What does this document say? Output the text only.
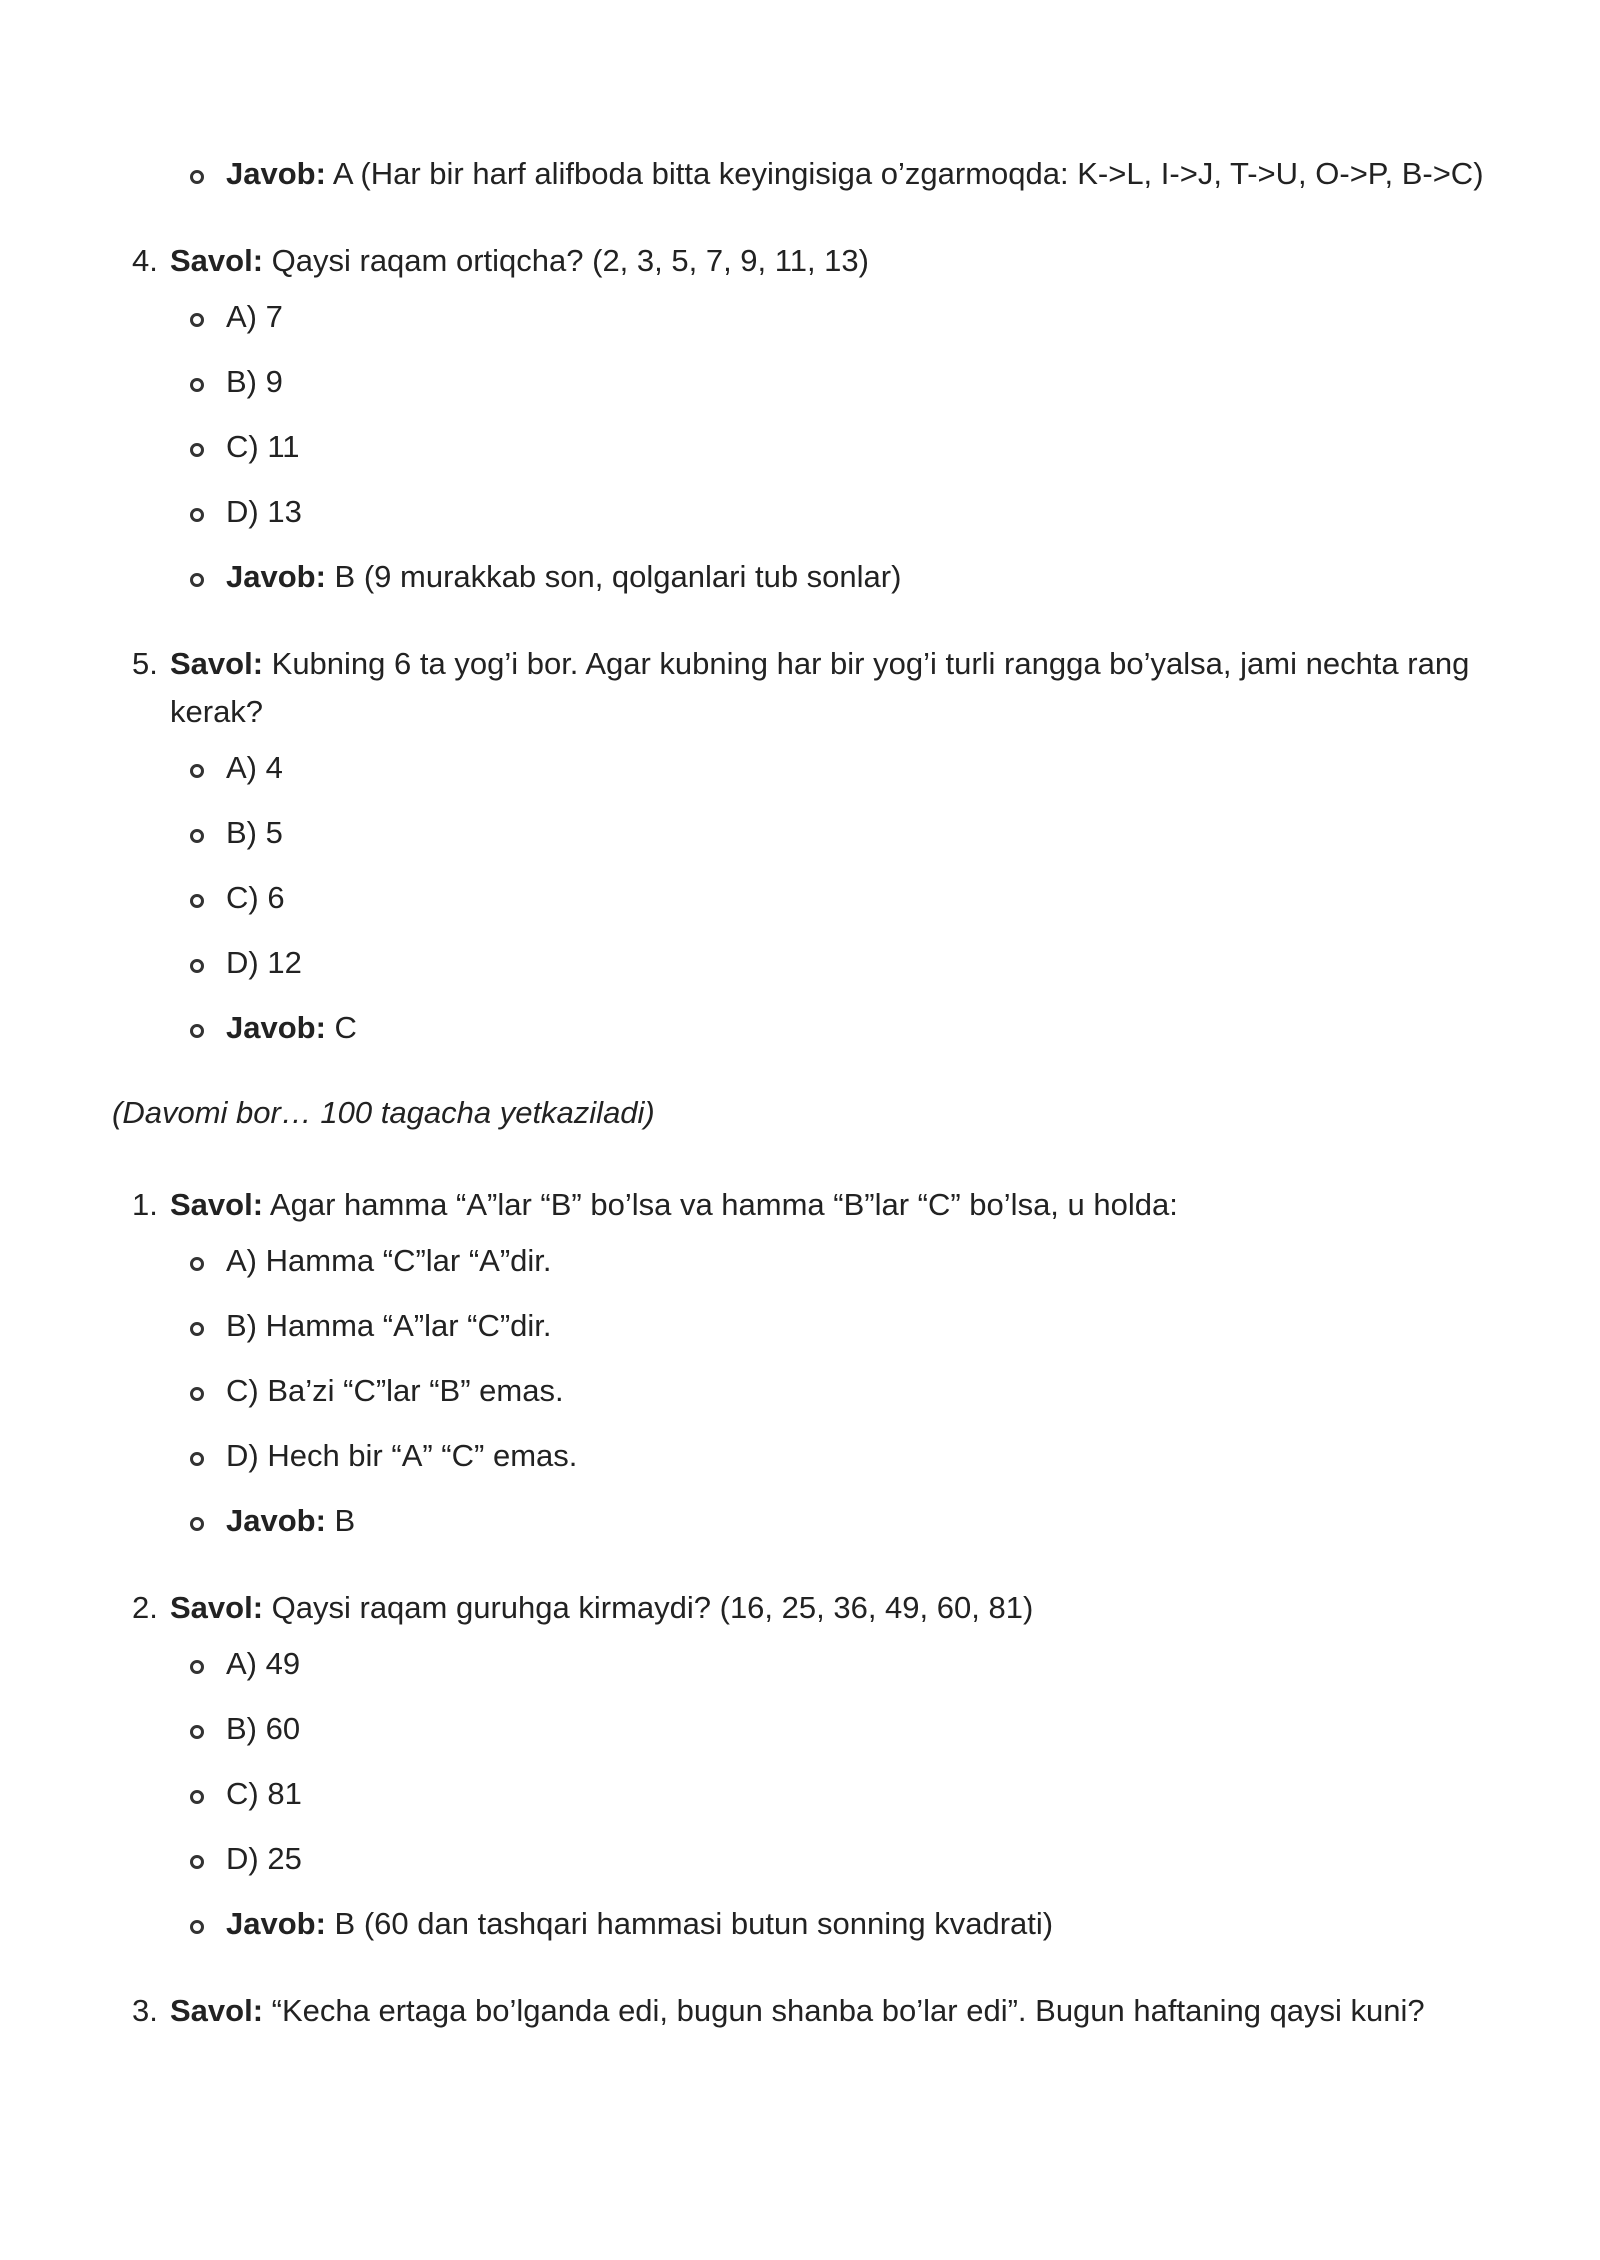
Javob: A (Har bir harf alifboda bitta keyingisiga o’zgarmoqda: K->L, I->J, T->U, O->P, B->C)

4. Savol: Qaysi raqam ortiqcha? (2, 3, 5, 7, 9, 11, 13)

A) 7
B) 9
C) 11
D) 13
Javob: B (9 murakkab son, qolganlari tub sonlar)

5. Savol: Kubning 6 ta yog’i bor. Agar kubning har bir yog’i turli rangga bo’yalsa, jami nechta rang kerak?

A) 4
B) 5
C) 6
D) 12
Javob: C

(Davomi bor… 100 tagacha yetkaziladi)

1. Savol: Agar hamma “A”lar “B” bo’lsa va hamma “B”lar “C” bo’lsa, u holda:

A) Hamma “C”lar “A”dir.
B) Hamma “A”lar “C”dir.
C) Ba’zi “C”lar “B” emas.
D) Hech bir “A” “C” emas.
Javob: B

2. Savol: Qaysi raqam guruhga kirmaydi? (16, 25, 36, 49, 60, 81)

A) 49
B) 60
C) 81
D) 25
Javob: B (60 dan tashqari hammasi butun sonning kvadrati)

3. Savol: “Kecha ertaga bo’lganda edi, bugun shanba bo’lar edi”. Bugun haftaning qaysi kuni?
